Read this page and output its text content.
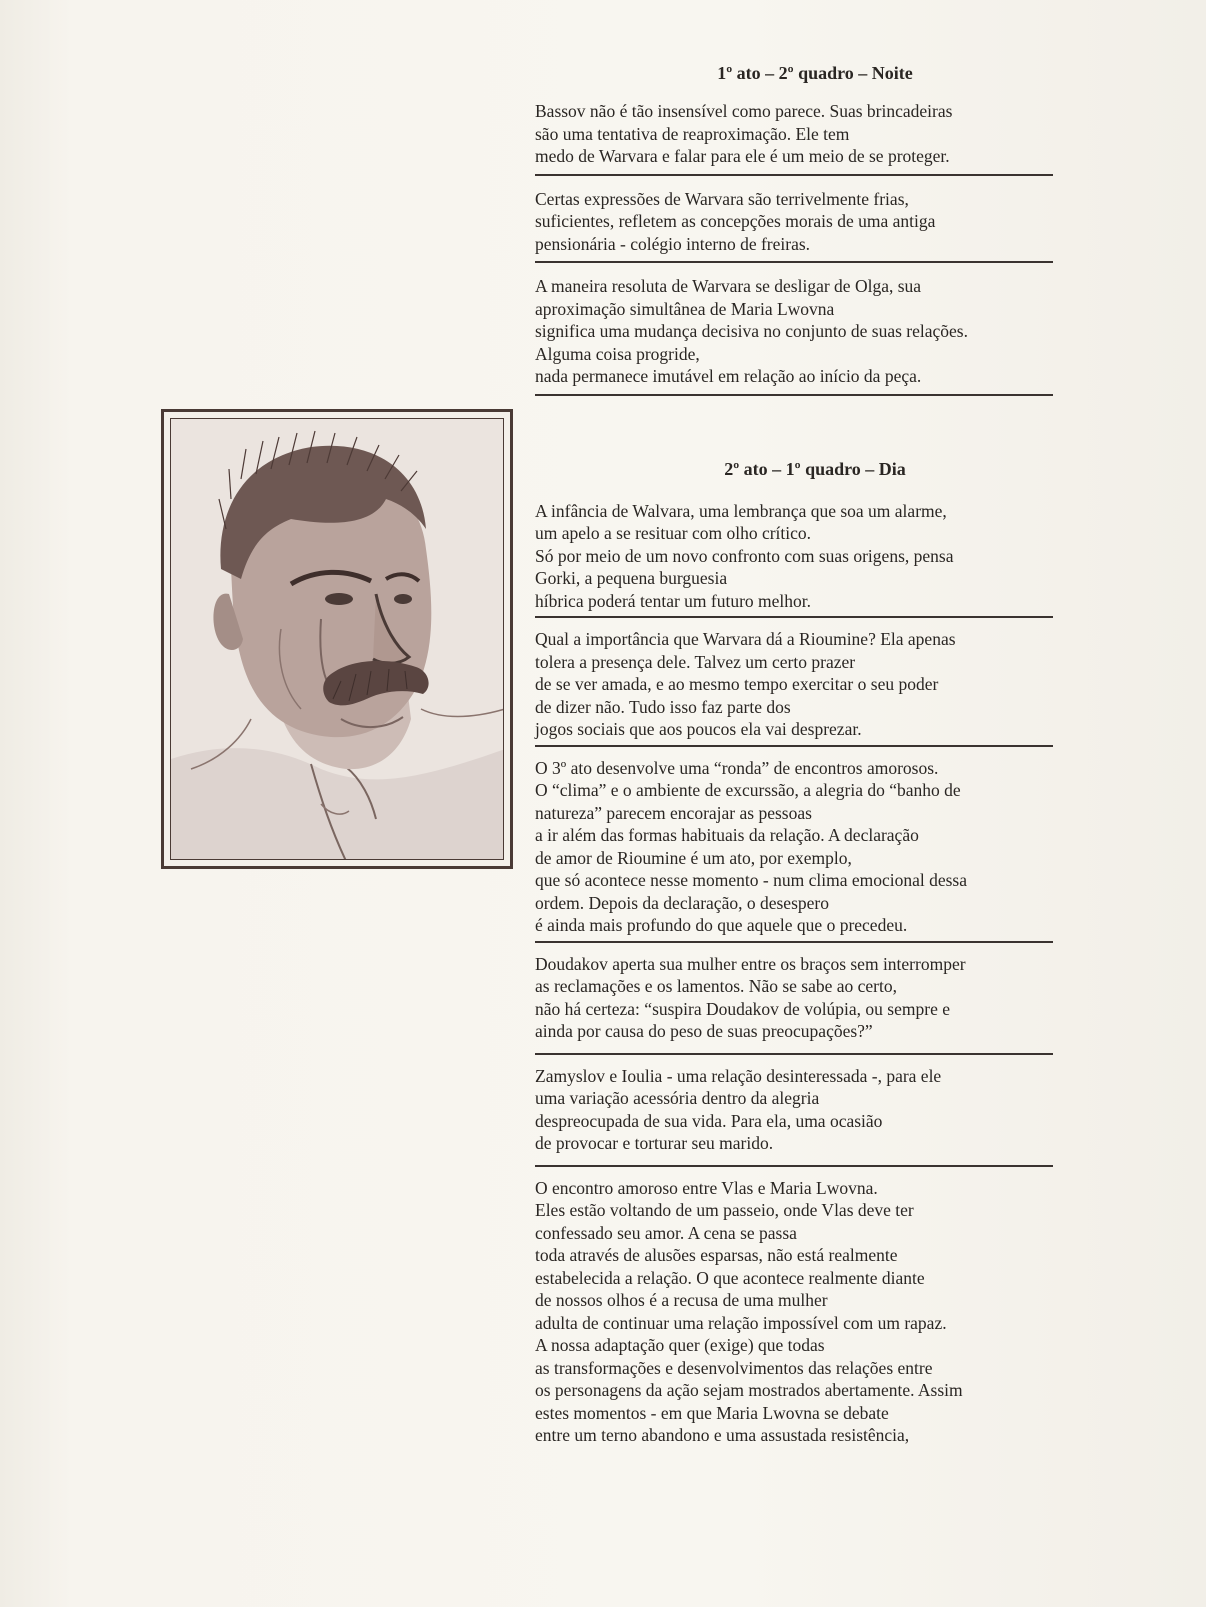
1º ato – 2º quadro – Noite
Bassov não é tão insensível como parece. Suas brincadeiras
são uma tentativa de reaproximação. Ele tem
medo de Warvara e falar para ele é um meio de se proteger.
Certas expressões de Warvara são terrivelmente frias,
suficientes, refletem as concepções morais de uma antiga
pensionária - colégio interno de freiras.
A maneira resoluta de Warvara se desligar de Olga, sua
aproximação simultânea de Maria Lwovna
significa uma mudança decisiva no conjunto de suas relações.
Alguma coisa progride,
nada permanece imutável em relação ao início da peça.
2º ato – 1º quadro – Dia
A infância de Walvara, uma lembrança que soa um alarme,
um apelo a se resituar com olho crítico.
Só por meio de um novo confronto com suas origens, pensa
Gorki, a pequena burguesia
híbrica poderá tentar um futuro melhor.
Qual a importância que Warvara dá a Rioumine? Ela apenas
tolera a presença dele. Talvez um certo prazer
de se ver amada, e ao mesmo tempo exercitar o seu poder
de dizer não. Tudo isso faz parte dos
jogos sociais que aos poucos ela vai desprezar.
O 3º ato desenvolve uma “ronda” de encontros amorosos.
O “clima” e o ambiente de excurssão, a alegria do “banho de
natureza” parecem encorajar as pessoas
a ir além das formas habituais da relação. A declaração
de amor de Rioumine é um ato, por exemplo,
que só acontece nesse momento - num clima emocional dessa
ordem. Depois da declaração, o desespero
é ainda mais profundo do que aquele que o precedeu.
Doudakov aperta sua mulher entre os braços sem interromper
as reclamações e os lamentos. Não se sabe ao certo,
não há certeza: “suspira Doudakov de volúpia, ou sempre e
ainda por causa do peso de suas preocupações?”
Zamyslov e Ioulia - uma relação desinteressada -, para ele
uma variação acessória dentro da alegria
despreocupada de sua vida. Para ela, uma ocasião
de provocar e torturar seu marido.
O encontro amoroso entre Vlas e Maria Lwovna.
Eles estão voltando de um passeio, onde Vlas deve ter
confessado seu amor. A cena se passa
toda através de alusões esparsas, não está realmente
estabelecida a relação. O que acontece realmente diante
de nossos olhos é a recusa de uma mulher
adulta de continuar uma relação impossível com um rapaz.
A nossa adaptação quer (exige) que todas
as transformações e desenvolvimentos das relações entre
os personagens da ação sejam mostrados abertamente. Assim
estes momentos - em que Maria Lwovna se debate
entre um terno abandono e uma assustada resistência,
